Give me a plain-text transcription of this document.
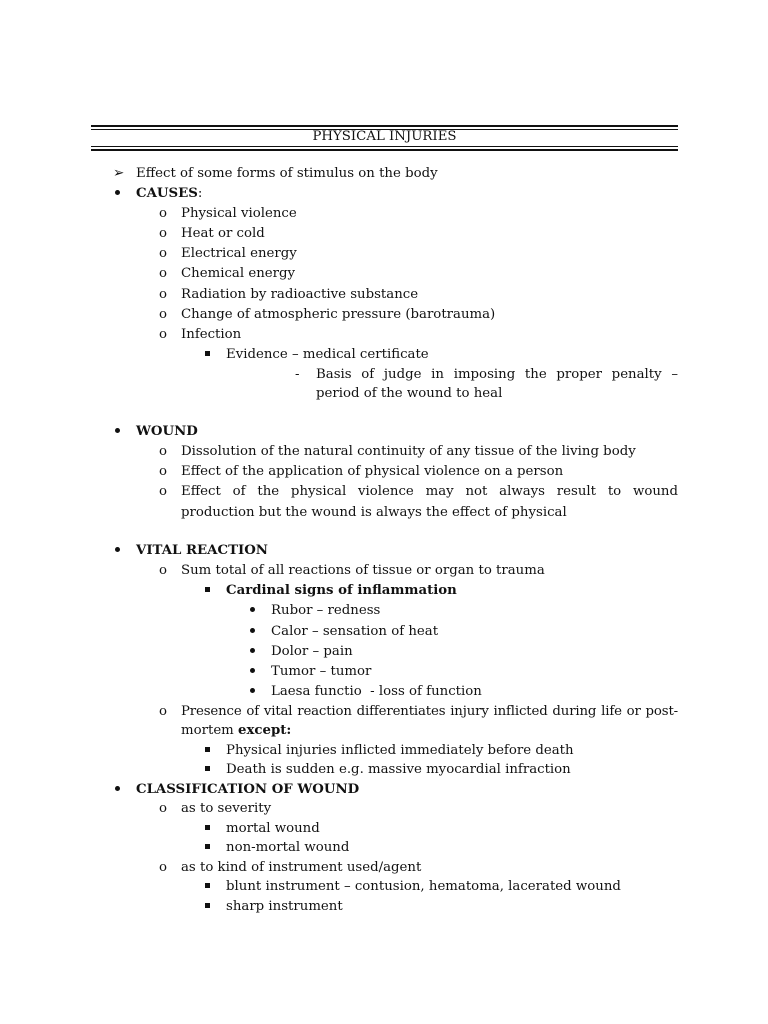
PHYSICAL INJURIES
➢ Effect of some forms of stimulus on the body
CAUSES:
o Physical violence
o Heat or cold
o Electrical energy
o Chemical energy
o Radiation by radioactive substance
o Change of atmospheric pressure (barotrauma)
o Infection
Evidence – medical certificate
- Basis of judge in imposing the proper penalty –
period of the wound to heal
WOUND
o Dissolution of the natural continuity of any tissue of the living body
o Effect of the application of physical violence on a person
o Effect of the physical violence may not always result to wound
production but the wound is always the effect of physical
VITAL REACTION
o Sum total of all reactions of tissue or organ to trauma
Cardinal signs of inflammation
Rubor – redness
Calor – sensation of heat
Dolor – pain
Tumor – tumor
Laesa functio  - loss of function
o Presence of vital reaction differentiates injury inflicted during life or post-
mortem except:
Physical injuries inflicted immediately before death
Death is sudden e.g. massive myocardial infraction
CLASSIFICATION OF WOUND
o as to severity
mortal wound
non-mortal wound
o as to kind of instrument used/agent
blunt instrument – contusion, hematoma, lacerated wound
sharp instrument
